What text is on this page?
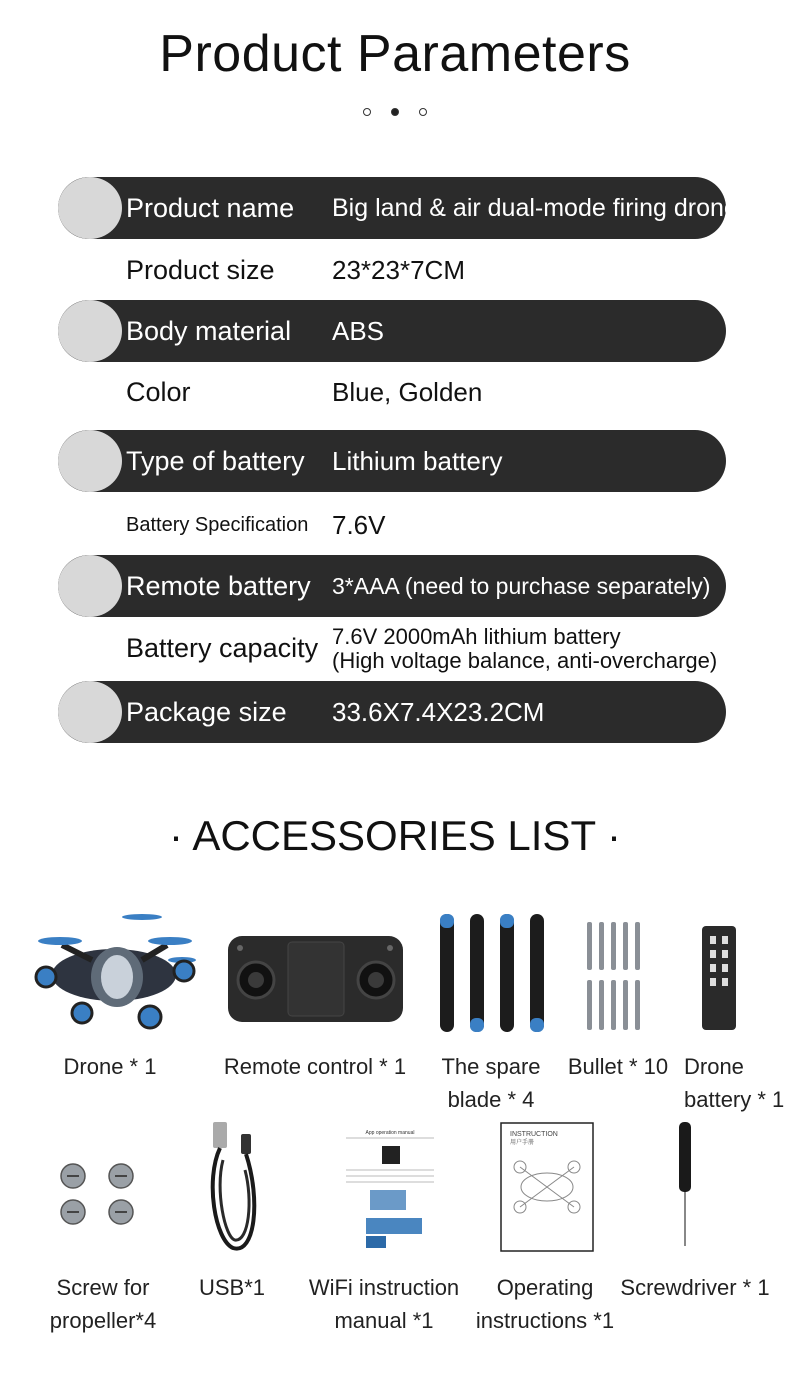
Product Parameters
Product name Big land & air dual-mode firing drone
Product size 23*23*7CM
Body material ABS
Color	Blue, Golden
Type of battery Lithium battery
Battery Specification 7.6V
Remote battery 3*AAA (need to purchase separately)
Battery capacity 7.6V 2000mAh lithium battery
(High voltage balance, anti-overcharge)
Package size 33.6X7.4X23.2CM
· ACCESSORIES LIST ·
Drone * 1	Remote control * 1	The spare
blade * 4
Bullet * 10 Drone
battery * 1
INSTRUCTION
用户手册
Screw for
propeller*4
USB*1	WiFi instruction
manual *1
Operating
instructions *1
Screwdriver * 1
App operation manual
